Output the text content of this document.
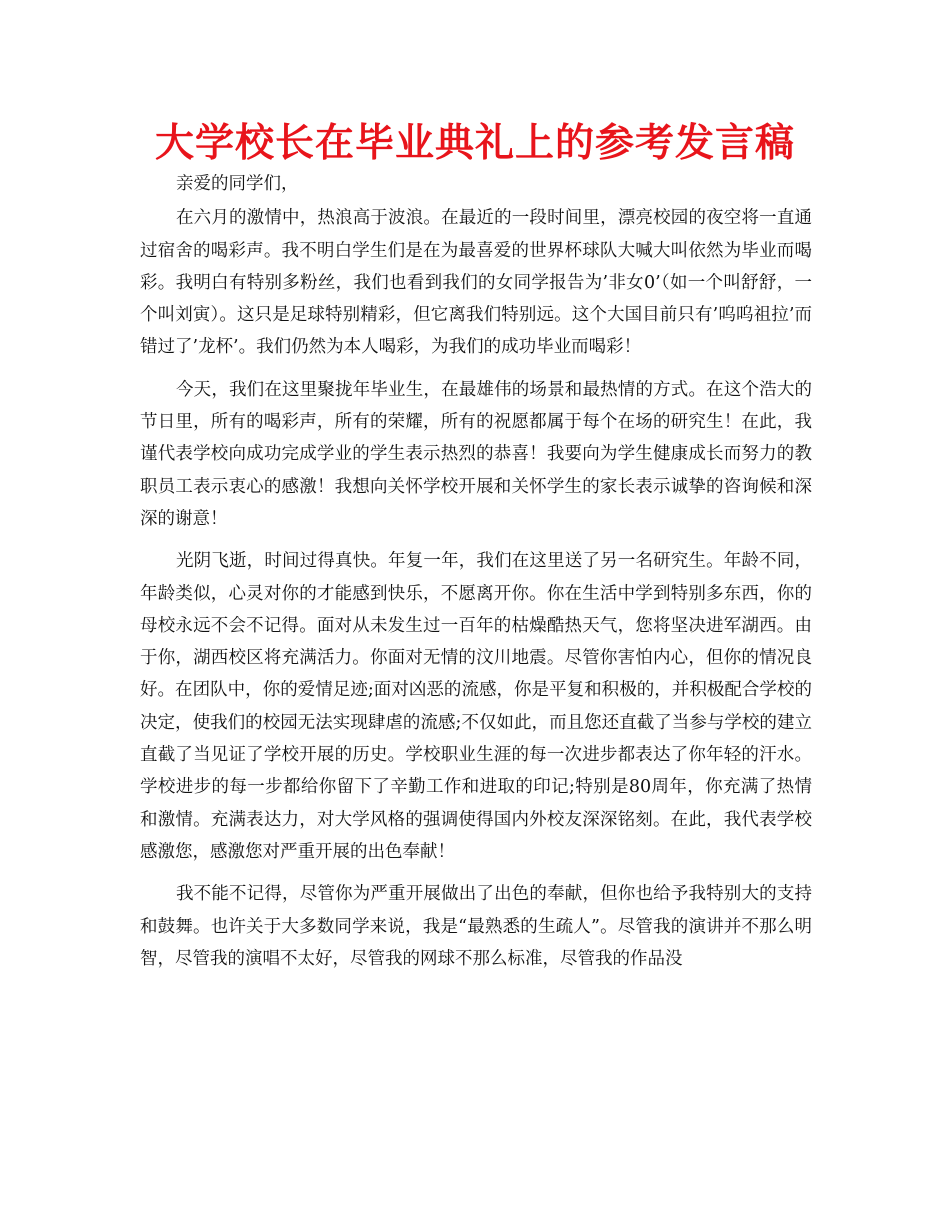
大学校长在毕业典礼上的参考发言稿

亲爱的同学们，

在六月的激情中，热浪高于波浪。在最近的一段时间里，漂亮校园的夜空将一直通过宿舍的喝彩声。我不明白学生们是在为最喜爱的世界杯球队大喊大叫依然为毕业而喝彩。我明白有特别多粉丝，我们也看到我们的女同学报告为’非女0’（如一个叫舒舒，一个叫刘寅）。这只是足球特别精彩，但它离我们特别远。这个大国目前只有’呜呜祖拉’而错过了’龙杯’。我们仍然为本人喝彩，为我们的成功毕业而喝彩！

今天，我们在这里聚拢年毕业生，在最雄伟的场景和最热情的方式。在这个浩大的节日里，所有的喝彩声，所有的荣耀，所有的祝愿都属于每个在场的研究生！在此，我谨代表学校向成功完成学业的学生表示热烈的恭喜！我要向为学生健康成长而努力的教职员工表示衷心的感激！我想向关怀学校开展和关怀学生的家长表示诚挚的咨询候和深深的谢意！

光阴飞逝，时间过得真快。年复一年，我们在这里送了另一名研究生。年龄不同，年龄类似，心灵对你的才能感到快乐，不愿离开你。你在生活中学到特别多东西，你的母校永远不会不记得。面对从未发生过一百年的枯燥酷热天气，您将坚决进军湖西。由于你，湖西校区将充满活力。你面对无情的汶川地震。尽管你害怕内心，但你的情况良好。在团队中，你的爱情足迹;面对凶恶的流感，你是平复和积极的，并积极配合学校的决定，使我们的校园无法实现肆虐的流感;不仅如此，而且您还直截了当参与学校的建立直截了当见证了学校开展的历史。学校职业生涯的每一次进步都表达了你年轻的汗水。学校进步的每一步都给你留下了辛勤工作和进取的印记;特别是80周年，你充满了热情和激情。充满表达力，对大学风格的强调使得国内外校友深深铭刻。在此，我代表学校感激您，感激您对严重开展的出色奉献！

我不能不记得，尽管你为严重开展做出了出色的奉献，但你也给予我特别大的支持和鼓舞。也许关于大多数同学来说，我是“最熟悉的生疏人”。尽管我的演讲并不那么明智，尽管我的演唱不太好，尽管我的网球不那么标准，尽管我的作品没
